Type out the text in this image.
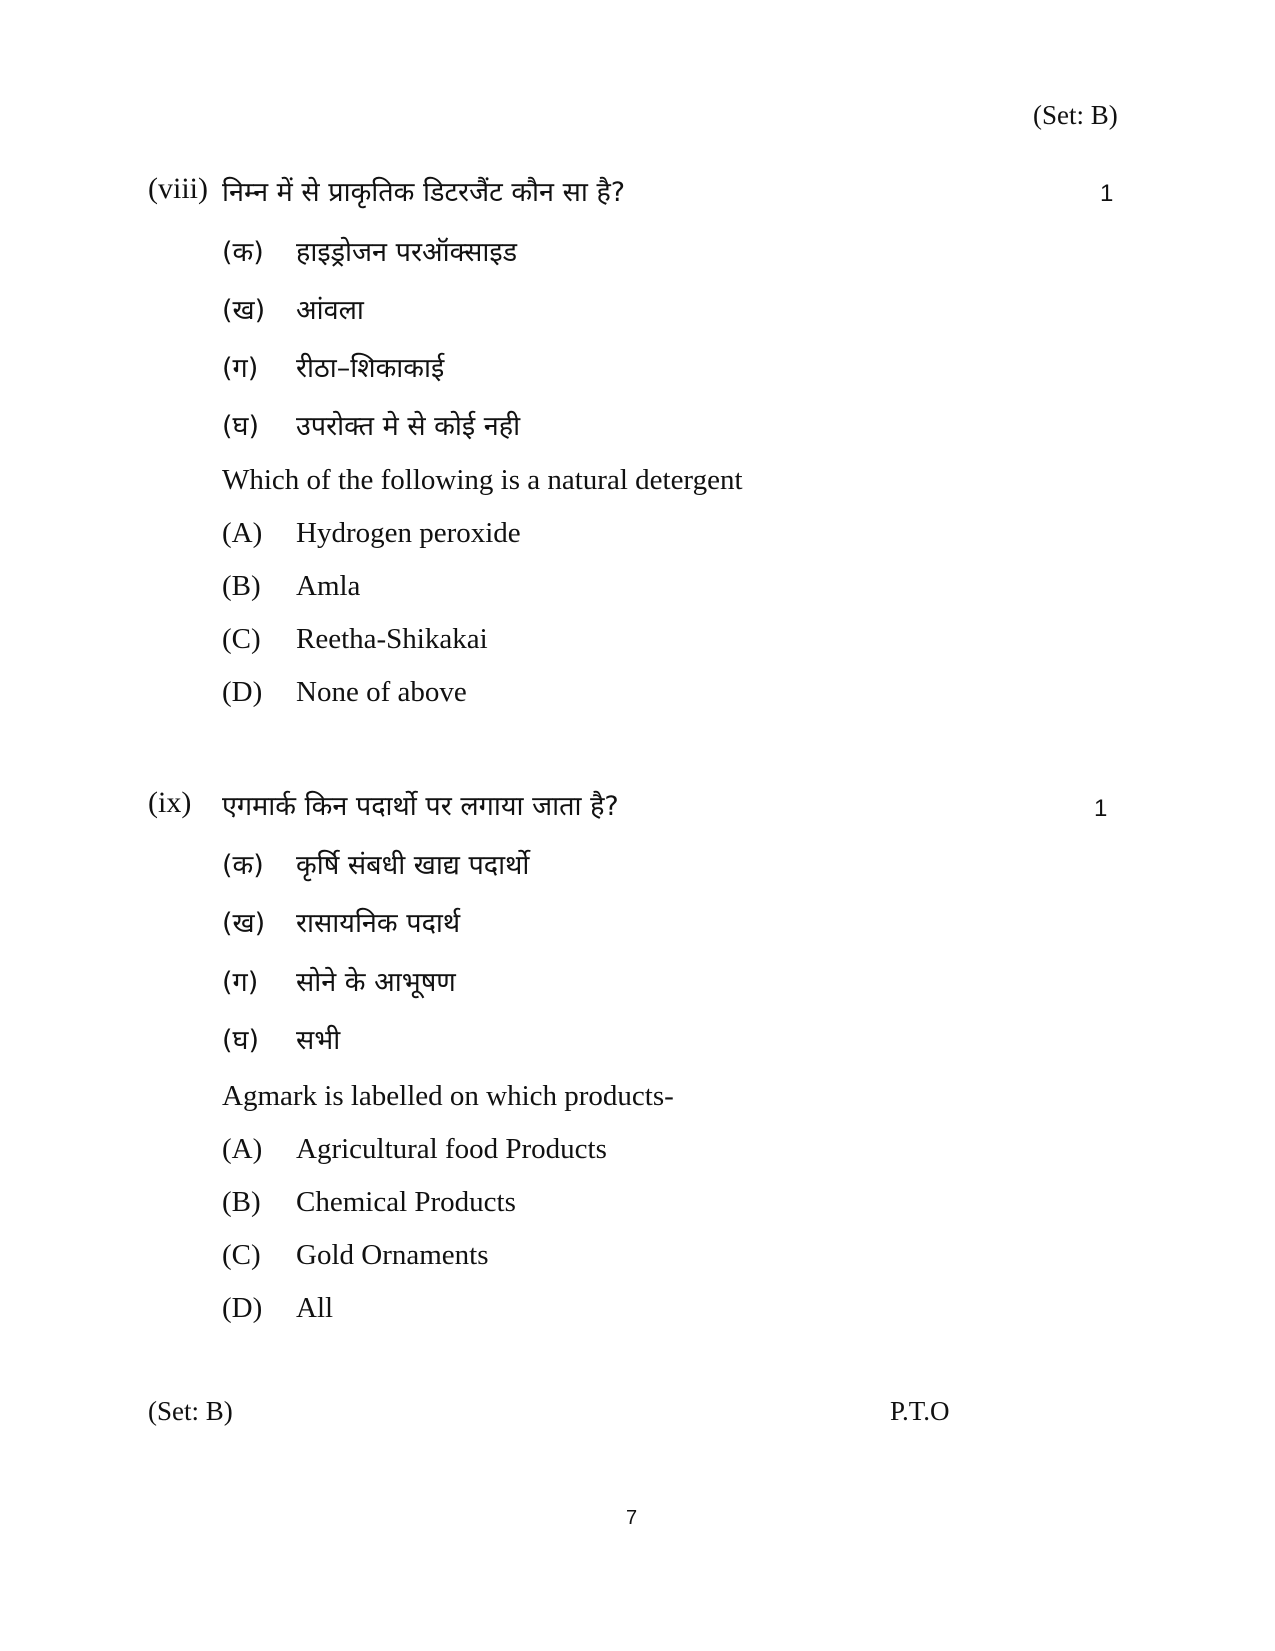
(Set: B)
(viii) निम्न में से प्राकृतिक डिटरजैंट कौन सा है?	1
(क) हाइड्रोजन परऑक्साइड
(ख) आंवला
(ग) रीठा–शिकाकाई
(घ) उपरोक्त मे से कोई नही
Which of the following is a natural detergent
(A) Hydrogen peroxide
(B) Amla
(C) Reetha-Shikakai
(D) None of above
(ix) एगमार्क किन पदार्थो पर लगाया जाता है?	1
(क) कृर्षि संबधी खाद्य पदार्थो
(ख) रासायनिक पदार्थ
(ग) सोने के आभूषण
(घ) सभी
Agmark is labelled on which products-
(A) Agricultural food Products
(B) Chemical Products
(C) Gold Ornaments
(D) All
(Set: B)	P.T.O
7
